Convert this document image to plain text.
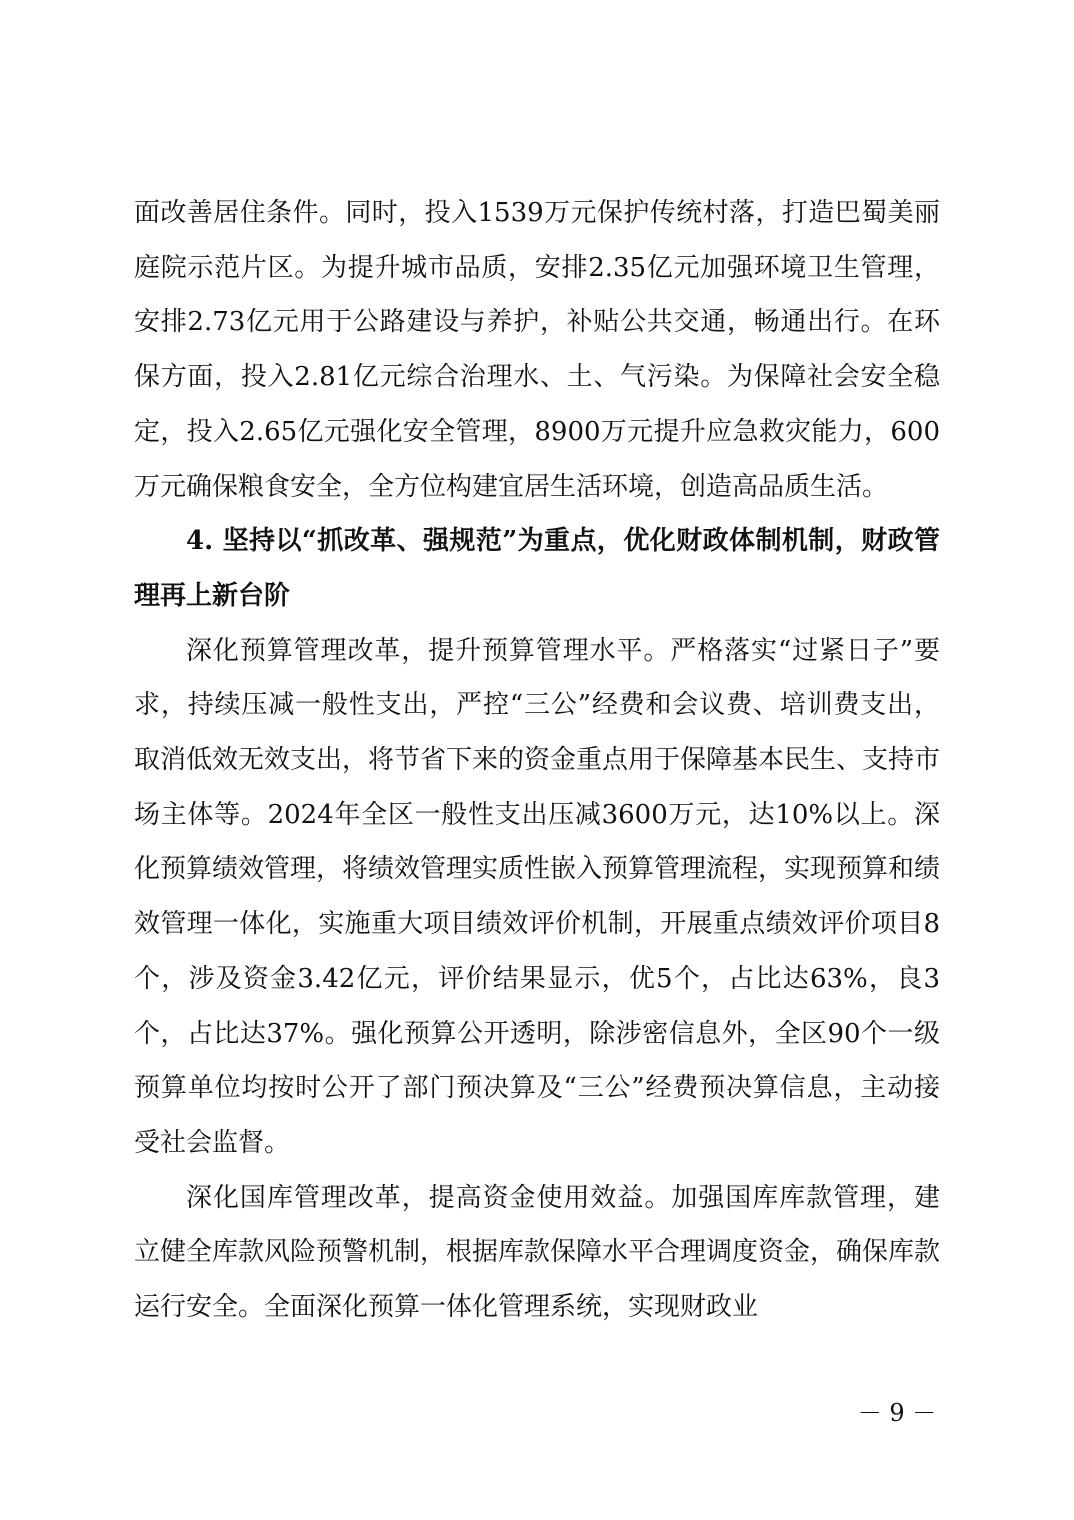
面改善居住条件。同时，投入1539万元保护传统村落，打造巴蜀美丽庭院示范片区。为提升城市品质，安排2.35亿元加强环境卫生管理，安排2.73亿元用于公路建设与养护，补贴公共交通，畅通出行。在环保方面，投入2.81亿元综合治理水、土、气污染。为保障社会安全稳定，投入2.65亿元强化安全管理，8900万元提升应急救灾能力，600万元确保粮食安全，全方位构建宜居生活环境，创造高品质生活。

4. 坚持以“抓改革、强规范”为重点，优化财政体制机制，财政管理再上新台阶

深化预算管理改革，提升预算管理水平。严格落实“过紧日子”要求，持续压减一般性支出，严控“三公”经费和会议费、培训费支出，取消低效无效支出，将节省下来的资金重点用于保障基本民生、支持市场主体等。2024年全区一般性支出压减3600万元，达10%以上。深化预算绩效管理，将绩效管理实质性嵌入预算管理流程，实现预算和绩效管理一体化，实施重大项目绩效评价机制，开展重点绩效评价项目8个，涉及资金3.42亿元，评价结果显示，优5个，占比达63%，良3个，占比达37%。强化预算公开透明，除涉密信息外，全区90个一级预算单位均按时公开了部门预决算及“三公”经费预决算信息，主动接受社会监督。

深化国库管理改革，提高资金使用效益。加强国库库款管理，建立健全库款风险预警机制，根据库款保障水平合理调度资金，确保库款运行安全。全面深化预算一体化管理系统，实现财政业

－ 9 －
